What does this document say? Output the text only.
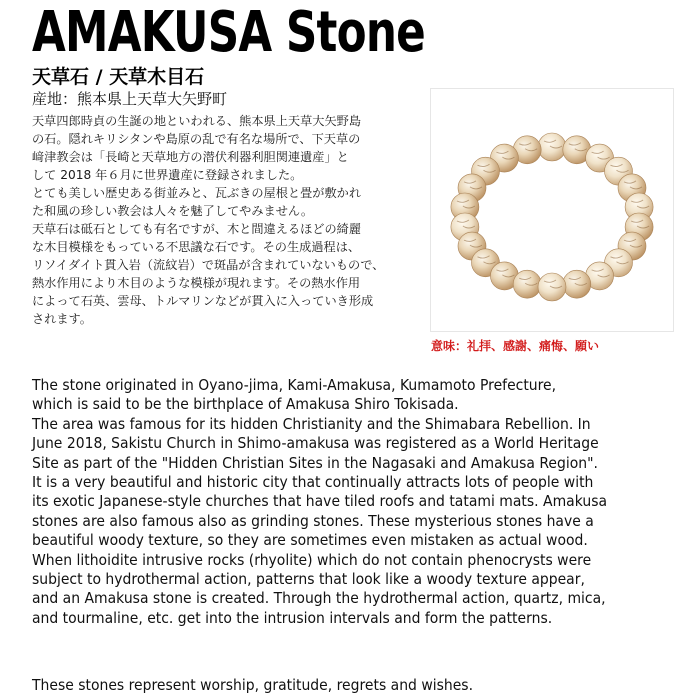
AMAKUSA Stone
天草石 / 天草木目石
産地：熊本県上天草大矢野町

天草四郎時貞の生誕の地といわれる、熊本県上天草大矢野島

の石。隠れキリシタンや島原の乱で有名な場所で、下天草の

﨑津教会は「長崎と天草地方の潜伏利器利胆関連遺産」と

して 2018 年６月に世界遺産に登録されました。

とても美しい歴史ある街並みと、瓦ぶきの屋根と畳が敷かれ

た和風の珍しい教会は人々を魅了してやみません。

天草石は砥石としても有名ですが、木と間違えるほどの綺麗

な木目模様をもっている不思議な石です。その生成過程は、

リソイダイト貫入岩（流紋岩）で斑晶が含まれていないもので、

熱水作用により木目のような模様が現れます。その熱水作用

によって石英、雲母、トルマリンなどが貫入に入っていき形成

されます。

意味：礼拝、感謝、痛悔、願い

The stone originated in Oyano-jima, Kami-Amakusa, Kumamoto Prefecture,

which is said to be the birthplace of Amakusa Shiro Tokisada.

The area was famous for its hidden Christianity and the Shimabara Rebellion. In

June 2018, Sakistu Church in Shimo-amakusa was registered as a World Heritage

Site as part of the "Hidden Christian Sites in the Nagasaki and Amakusa Region".

It is a very beautiful and historic city that continually attracts lots of people with

its exotic Japanese-style churches that have tiled roofs and tatami mats. Amakusa

stones are also famous also as grinding stones. These mysterious stones have a

beautiful woody texture, so they are sometimes even mistaken as actual wood.

When lithoidite intrusive rocks (rhyolite) which do not contain phenocrysts were

subject to hydrothermal action, patterns that look like a woody texture appear,

and an Amakusa stone is created. Through the hydrothermal action, quartz, mica,

and tourmaline, etc. get into the intrusion intervals and form the patterns.

These stones represent worship, gratitude, regrets and wishes.
